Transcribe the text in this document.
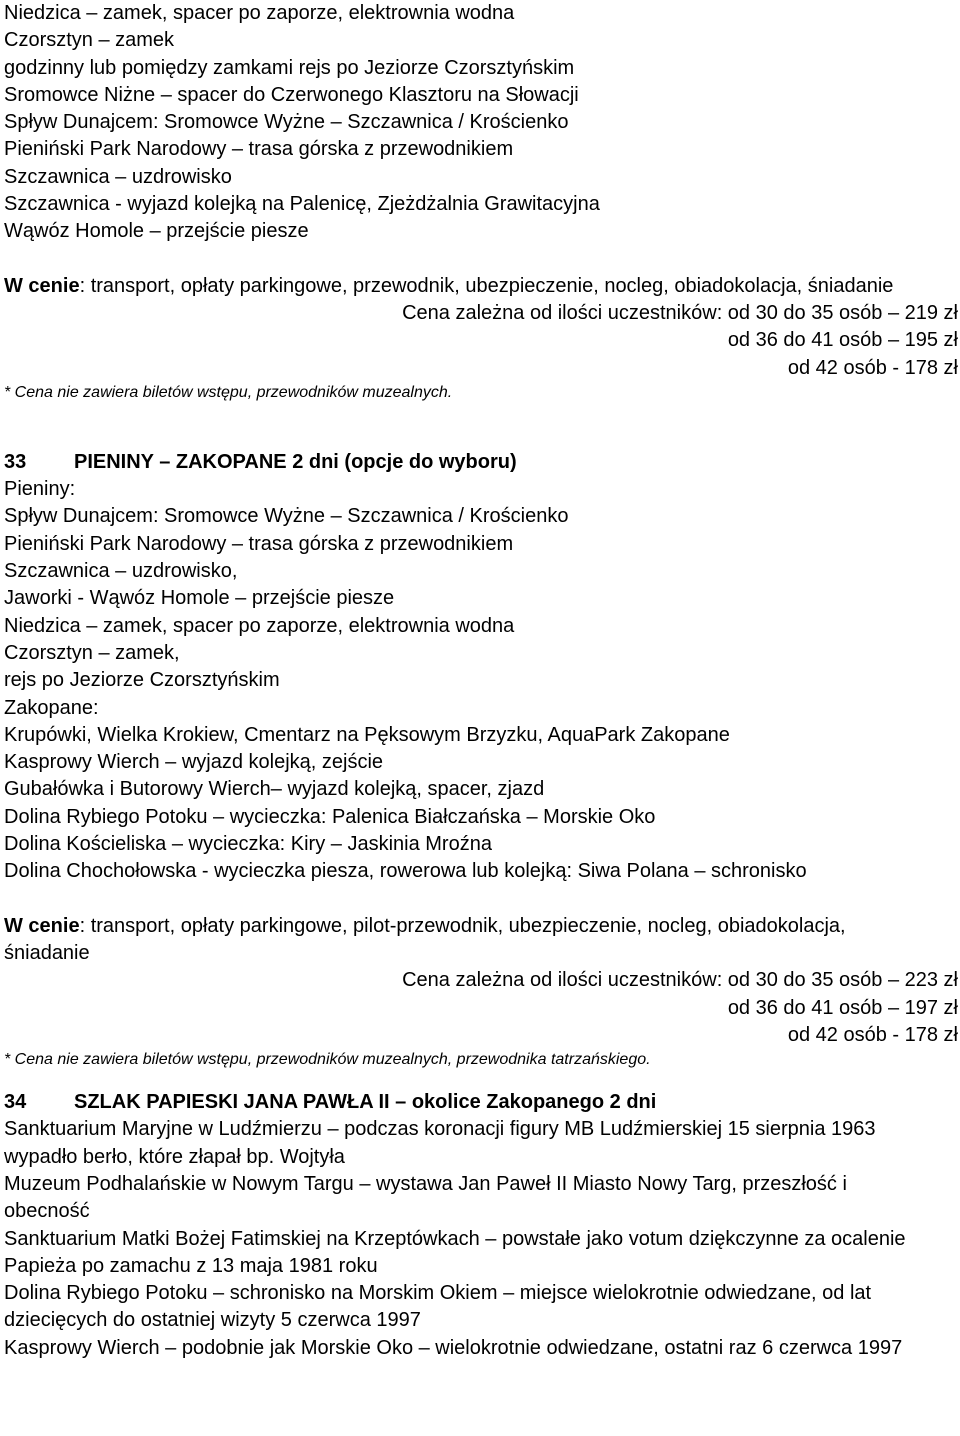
Niedzica – zamek, spacer po zaporze, elektrownia wodna
Czorsztyn – zamek
godzinny lub pomiędzy zamkami rejs po Jeziorze Czorsztyńskim
Sromowce Niżne – spacer do Czerwonego Klasztoru na Słowacji
Spływ Dunajcem: Sromowce Wyżne – Szczawnica / Krościenko
Pieniński Park Narodowy – trasa górska z przewodnikiem
Szczawnica – uzdrowisko
Szczawnica - wyjazd kolejką na Palenicę, Zjeżdżalnia Grawitacyjna
Wąwóz Homole – przejście piesze
W cenie: transport, opłaty parkingowe, przewodnik, ubezpieczenie, nocleg, obiadokolacja, śniadanie
Cena zależna od ilości uczestników: od 30 do 35 osób – 219 zł
od 36 do 41 osób – 195 zł
od 42 osób - 178 zł
* Cena nie zawiera biletów wstępu, przewodników muzealnych.
33 PIENINY – ZAKOPANE 2 dni (opcje do wyboru)
Pieniny:
Spływ Dunajcem: Sromowce Wyżne – Szczawnica / Krościenko
Pieniński Park Narodowy – trasa górska z przewodnikiem
Szczawnica – uzdrowisko,
Jaworki - Wąwóz Homole – przejście piesze
Niedzica – zamek, spacer po zaporze, elektrownia wodna
Czorsztyn – zamek,
rejs po Jeziorze Czorsztyńskim
Zakopane:
Krupówki, Wielka Krokiew, Cmentarz na Pęksowym Brzyzku, AquaPark Zakopane
Kasprowy Wierch – wyjazd kolejką, zejście
Gubałówka i Butorowy Wierch– wyjazd kolejką, spacer, zjazd
Dolina Rybiego Potoku – wycieczka: Palenica Białczańska – Morskie Oko
Dolina Kościeliska – wycieczka: Kiry – Jaskinia Mroźna
Dolina Chochołowska - wycieczka piesza, rowerowa lub kolejką: Siwa Polana – schronisko
W cenie: transport, opłaty parkingowe, pilot-przewodnik, ubezpieczenie, nocleg, obiadokolacja, śniadanie
Cena zależna od ilości uczestników: od 30 do 35 osób – 223 zł
od 36 do 41 osób – 197 zł
od 42 osób - 178 zł
* Cena nie zawiera biletów wstępu, przewodników muzealnych, przewodnika tatrzańskiego.
34 SZLAK PAPIESKI JANA PAWŁA II – okolice Zakopanego 2 dni
Sanktuarium Maryjne w Ludźmierzu – podczas koronacji figury MB Ludźmierskiej 15 sierpnia 1963 wypadło berło, które złapał bp. Wojtyła
Muzeum Podhalańskie w Nowym Targu – wystawa Jan Paweł II Miasto Nowy Targ, przeszłość i obecność
Sanktuarium Matki Bożej Fatimskiej na Krzeptówkach – powstałe jako votum dziękczynne za ocalenie Papieża po zamachu z 13 maja 1981 roku
Dolina Rybiego Potoku – schronisko na Morskim Okiem – miejsce wielokrotnie odwiedzane, od lat dziecięcych do ostatniej wizyty 5 czerwca 1997
Kasprowy Wierch – podobnie jak Morskie Oko – wielokrotnie odwiedzane, ostatni raz 6 czerwca 1997
